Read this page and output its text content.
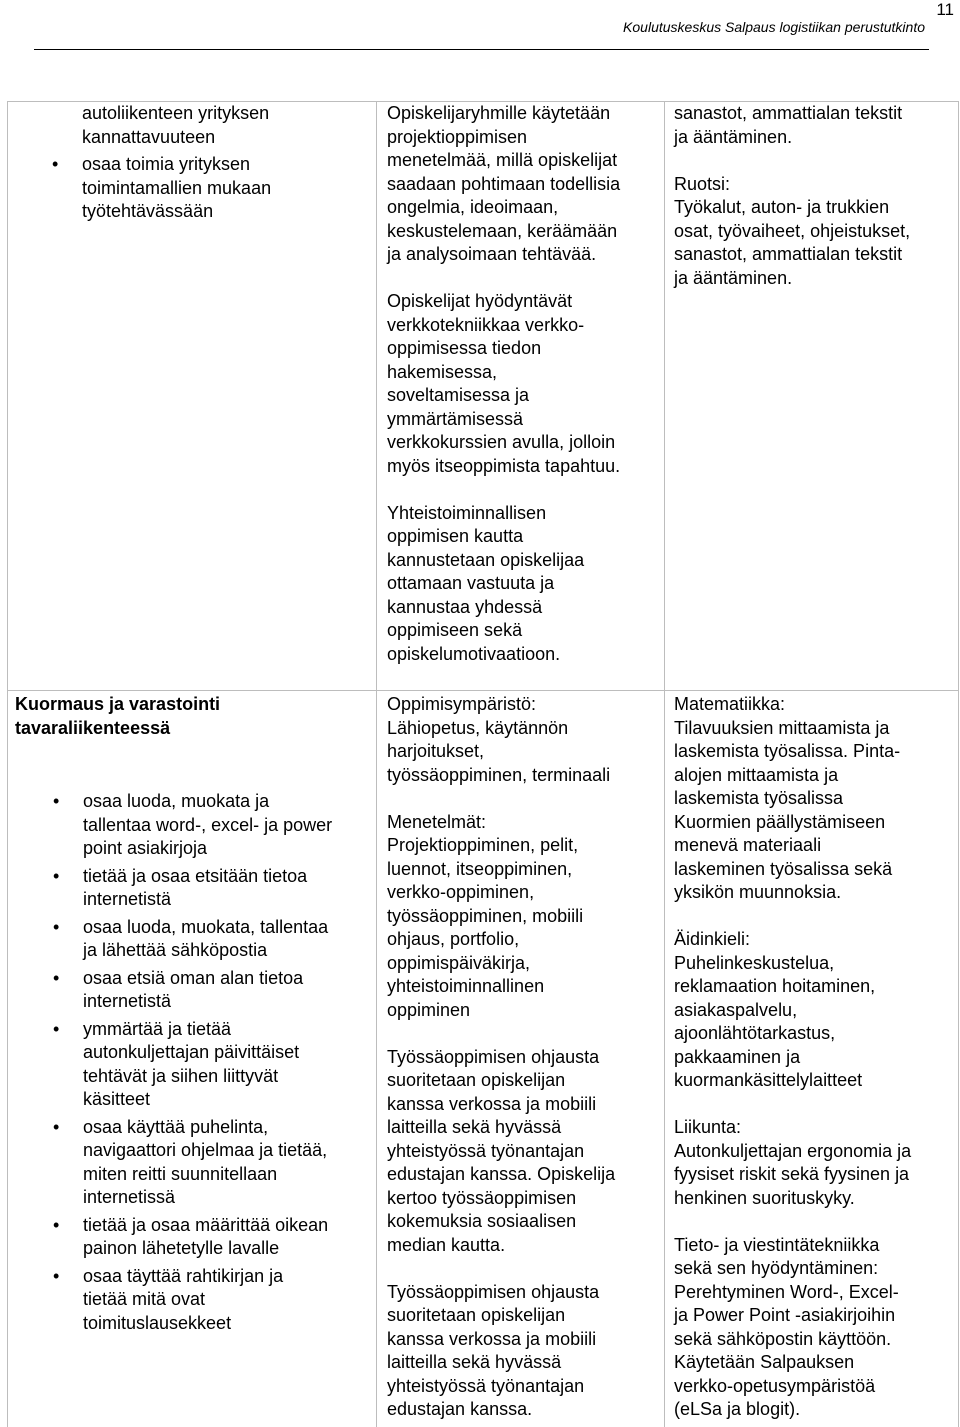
11
Koulutuskeskus Salpaus logistiikan perustutkinto
autoliikenteen yrityksen
kannattavuuteen
• osaa toimia yrityksen
toimintamallien mukaan
työtehtävässään

Opiskelijaryhmille käytetään
projektioppimisen
menetelmää, millä opiskelijat
saadaan pohtimaan todellisia
ongelmia, ideoimaan,
keskustelemaan, keräämään
ja analysoimaan tehtävää.

Opiskelijat hyödyntävät
verkkotekniikkaa verkko-
oppimisessa tiedon
hakemisessa,
soveltamisessa ja
ymmärtämisessä
verkkokurssien avulla, jolloin
myös itseoppimista tapahtuu.

Yhteistoiminnallisen
oppimisen kautta
kannustetaan opiskelijaa
ottamaan vastuuta ja
kannustaa yhdessä
oppimiseen sekä
opiskelumotivaatioon.

sanastot, ammattialan tekstit
ja ääntäminen.

Ruotsi:
Työkalut, auton- ja trukkien
osat, työvaiheet, ohjeistukset,
sanastot, ammattialan tekstit
ja ääntäminen.

Kuormaus ja varastointi
tavaraliikenteessä

• osaa luoda, muokata ja
tallentaa word-, excel- ja power
point asiakirjoja
• tietää ja osaa etsitään tietoa
internetistä
• osaa luoda, muokata, tallentaa
ja lähettää sähköpostia
• osaa etsiä oman alan tietoa
internetistä
• ymmärtää ja tietää
autonkuljettajan päivittäiset
tehtävät ja siihen liittyvät
käsitteet
• osaa käyttää puhelinta,
navigaattori ohjelmaa ja tietää,
miten reitti suunnitellaan
internetissä
• tietää ja osaa määrittää oikean
painon lähetetylle lavalle
• osaa täyttää rahtikirjan ja
tietää mitä ovat
toimituslausekkeet

Oppimisympäristö:
Lähiopetus, käytännön
harjoitukset,
työssäoppiminen, terminaali

Menetelmät:
Projektioppiminen, pelit,
luennot, itseoppiminen,
verkko-oppiminen,
työssäoppiminen, mobiili
ohjaus, portfolio,
oppimispäiväkirja,
yhteistoiminnallinen
oppiminen

Työssäoppimisen ohjausta
suoritetaan opiskelijan
kanssa verkossa ja mobiili
laitteilla sekä hyvässä
yhteistyössä työnantajan
edustajan kanssa. Opiskelija
kertoo työssäoppimisen
kokemuksia sosiaalisen
median kautta.

Työssäoppimisen ohjausta
suoritetaan opiskelijan
kanssa verkossa ja mobiili
laitteilla sekä hyvässä
yhteistyössä työnantajan
edustajan kanssa.

Matematiikka:
Tilavuuksien mittaamista ja
laskemista työsalissa. Pinta-
alojen mittaamista ja
laskemista työsalissa
Kuormien päällystämiseen
menevä materiaali
laskeminen työsalissa sekä
yksikön muunnoksia.

Äidinkieli:
Puhelinkeskustelua,
reklamaation hoitaminen,
asiakaspalvelu,
ajoonlähtötarkastus,
pakkaaminen ja
kuormankäsittelylaitteet

Liikunta:
Autonkuljettajan ergonomia ja
fyysiset riskit sekä fyysinen ja
henkinen suorituskyky.

Tieto- ja viestintätekniikka
sekä sen hyödyntäminen:
Perehtyminen Word-, Excel-
ja Power Point -asiakirjoihin
sekä sähköpostin käyttöön.
Käytetään Salpauksen
verkko-opetusympäristöä
(eLSa ja blogit).
